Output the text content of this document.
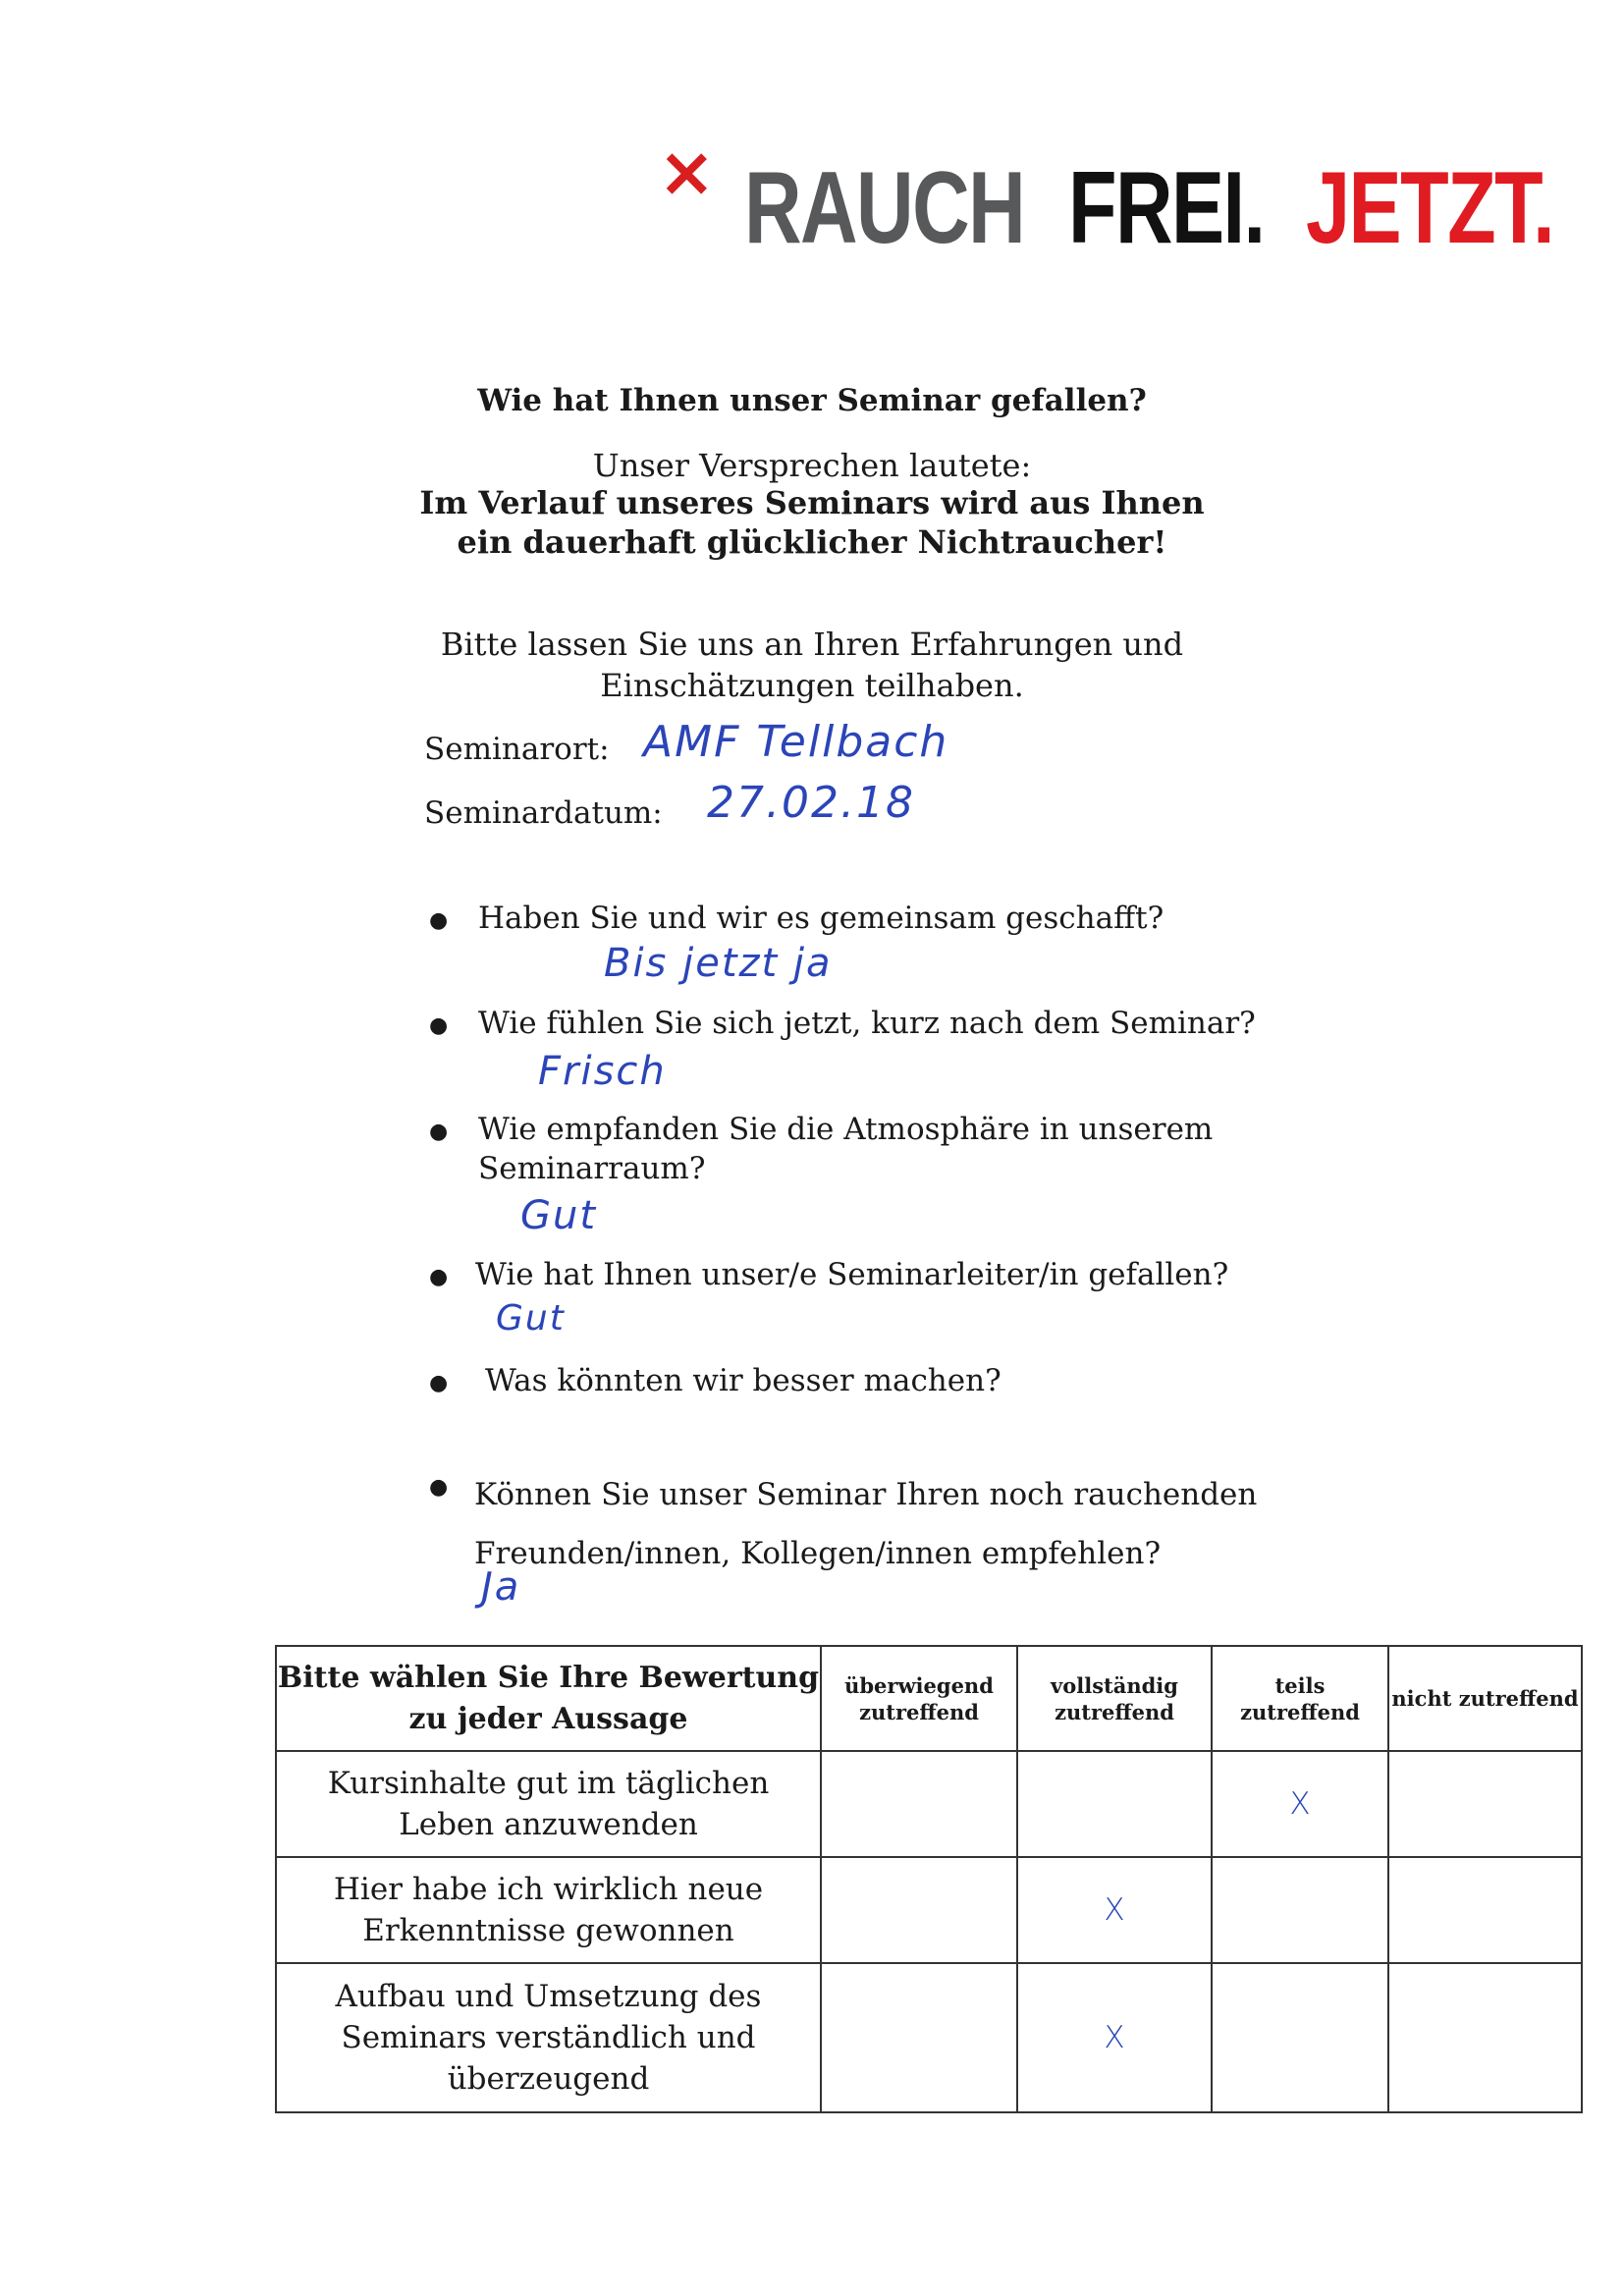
× RAUCH FREI. JETZT.
Wie hat Ihnen unser Seminar gefallen?
Unser Versprechen lautete:
Im Verlauf unseres Seminars wird aus Ihnen ein dauerhaft glücklicher Nichtraucher!
Bitte lassen Sie uns an Ihren Erfahrungen und Einschätzungen teilhaben.
Seminarort: AMF Tellbach
Seminardatum: 27.02.18
● Haben Sie und wir es gemeinsam geschafft?
Bis jetzt ja
● Wie fühlen Sie sich jetzt, kurz nach dem Seminar?
Frisch
● Wie empfanden Sie die Atmosphäre in unserem Seminarraum?
Gut
● Wie hat Ihnen unser/e Seminarleiter/in gefallen?
Gut
● Was könnten wir besser machen?
● Können Sie unser Seminar Ihren noch rauchenden Freunden/innen, Kollegen/innen empfehlen?
Ja
Bitte wählen Sie Ihre Bewertung zu jeder Aussage	überwiegend zutreffend	vollständig zutreffend	teils zutreffend	nicht zutreffend
Kursinhalte gut im täglichen Leben anzuwenden			X	
Hier habe ich wirklich neue Erkenntnisse gewonnen		X		
Aufbau und Umsetzung des Seminars verständlich und überzeugend		X		
